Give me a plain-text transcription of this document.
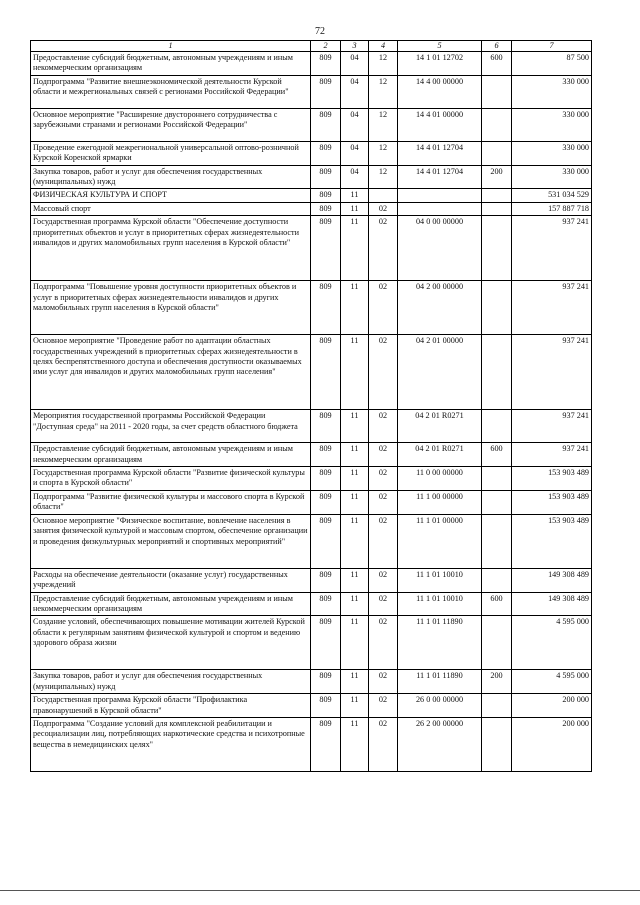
72
1	2	3	4	5	6	7
Предоставление субсидий бюджетным, автономным учреждениям и иным некоммерческим организациям	809	04	12	14 1 01 12702	600	87 500
Подпрограмма "Развитие внешнеэкономической деятельности Курской области и межрегиональных связей с регионами Российской Федерации"	809	04	12	14 4 00 00000		330 000
Основное мероприятие "Расширение двустороннего сотрудничества с зарубежными странами и регионами Российской Федерации"	809	04	12	14 4 01 00000		330 000
Проведение ежегодной межрегиональной универсальной оптово-розничной Курской Коренской ярмарки	809	04	12	14 4 01 12704		330 000
Закупка товаров, работ и услуг для обеспечения государственных (муниципальных) нужд	809	04	12	14 4 01 12704	200	330 000
ФИЗИЧЕСКАЯ КУЛЬТУРА И СПОРТ	809	11				531 034 529
Массовый спорт	809	11	02			157 887 718
Государственная программа Курской области "Обеспечение доступности приоритетных объектов и услуг в приоритетных сферах жизнедеятельности инвалидов и других маломобильных групп населения в Курской области"	809	11	02	04 0 00 00000		937 241
Подпрограмма "Повышение уровня доступности приоритетных объектов и услуг в приоритетных сферах жизнедеятельности инвалидов и других маломобильных групп населения в Курской области"	809	11	02	04 2 00 00000		937 241
Основное мероприятие "Проведение работ по адаптации областных государственных учреждений в приоритетных сферах жизнедеятельности в целях беспрепятственного доступа и обеспечения доступности оказываемых ими услуг для инвалидов и других маломобильных групп населения"	809	11	02	04 2 01 00000		937 241
Мероприятия государственной программы Российской Федерации "Доступная среда" на 2011 - 2020 годы, за счет средств областного бюджета	809	11	02	04 2 01 R0271		937 241
Предоставление субсидий бюджетным, автономным учреждениям и иным некоммерческим организациям	809	11	02	04 2 01 R0271	600	937 241
Государственная программа Курской области "Развитие физической культуры и спорта в Курской области"	809	11	02	11 0 00 00000		153 903 489
Подпрограмма "Развитие физической культуры и массового спорта в Курской области"	809	11	02	11 1 00 00000		153 903 489
Основное мероприятие "Физическое воспитание, вовлечение населения в занятия физической культурой и массовым спортом, обеспечение организации и проведения физкультурных мероприятий и спортивных мероприятий"	809	11	02	11 1 01 00000		153 903 489
Расходы на обеспечение деятельности (оказание услуг) государственных учреждений	809	11	02	11 1 01 10010		149 308 489
Предоставление субсидий бюджетным, автономным учреждениям и иным некоммерческим организациям	809	11	02	11 1 01 10010	600	149 308 489
Создание условий, обеспечивающих повышение мотивации жителей Курской области к регулярным занятиям физической культурой и спортом и ведению здорового образа жизни	809	11	02	11 1 01 11890		4 595 000
Закупка товаров, работ и услуг для обеспечения государственных (муниципальных) нужд	809	11	02	11 1 01 11890	200	4 595 000
Государственная программа Курской области "Профилактика правонарушений в Курской области"	809	11	02	26 0 00 00000		200 000
Подпрограмма "Создание условий для комплексной реабилитации и ресоциализации лиц, потребляющих наркотические средства и психотропные вещества в немедицинских целях"	809	11	02	26 2 00 00000		200 000
